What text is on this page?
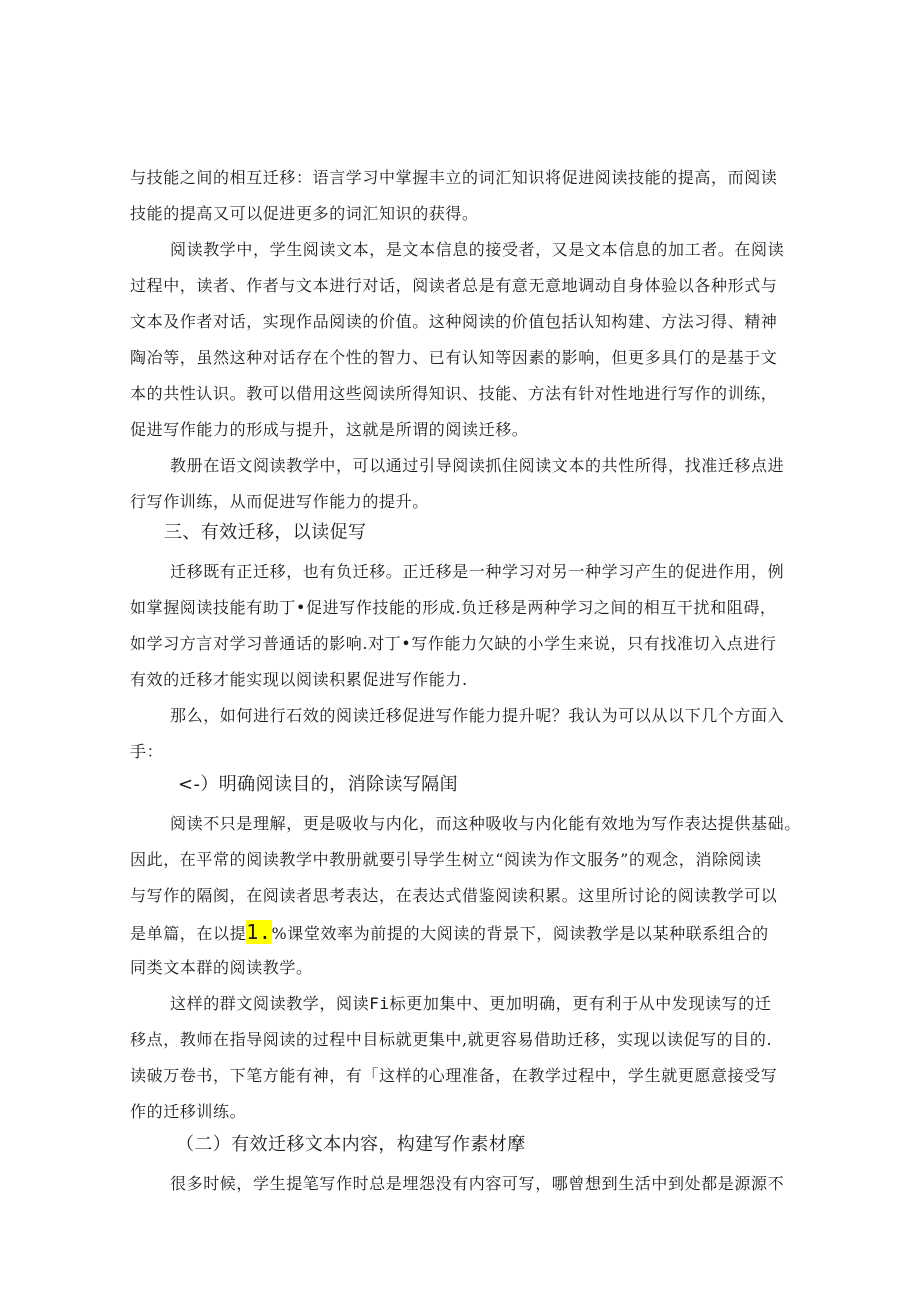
与技能之间的相互迁移：语言学习中掌握丰立的词汇知识将促进阅读技能的提高，而阅读
技能的提高又可以促进更多的词汇知识的获得。
阅读教学中，学生阅读文本，是文本信息的接受者，又是文本信息的加工者。在阅读
过程中，读者、作者与文本进行对话，阅读者总是有意无意地调动自身体验以各种形式与
文本及作者对话，实现作品阅读的价值。这种阅读的价值包括认知构建、方法习得、精神
陶冶等，虽然这种对话存在个性的智力、已有认知等因素的影响，但更多具仃的是基于文
本的共性认识。教可以借用这些阅读所得知识、技能、方法有针对性地进行写作的训练，
促进写作能力的形成与提升，这就是所谓的阅读迁移。
教册在语文阅读教学中，可以通过引导阅读抓住阅读文本的共性所得，找准迁移点进
行写作训练，从而促进写作能力的提升。
三、有效迁移，以读促写
迁移既有正迁移，也有负迁移。正迁移是一种学习对另一种学习产生的促进作用，例
如掌握阅读技能有助丁•促进写作技能的形成.负迁移是两种学习之间的相互干扰和阻碍，
如学习方言对学习普通话的影响.对丁•写作能力欠缺的小学生来说，只有找准切入点进行
有效的迁移才能实现以阅读积累促进写作能力.
那么，如何进行石效的阅读迁移促进写作能力提升呢？我认为可以从以下几个方面入
手：
<-）明确阅读目的，消除读写隔闺
阅读不只是理解，更是吸收与内化，而这种吸收与内化能有效地为写作表达提供基础。
因此，在平常的阅读教学中教册就要引导学生树立“阅读为作文服务”的观念，消除阅读
与写作的隔阂，在阅读者思考表达，在表达式借鉴阅读积累。这里所讨论的阅读教学可以
是单篇，在以提1.%课堂效率为前提的大阅读的背景下，阅读教学是以某种联系组合的
同类文本群的阅读教学。
这样的群文阅读教学，阅读Fi标更加集中、更加明确，更有利于从中发现读写的迁
移点，教师在指导阅读的过程中目标就更集中,就更容易借助迁移，实现以读促写的目的.
读破万卷书，下笔方能有神，有「这样的心理准备，在教学过程中，学生就更愿意接受写
作的迁移训练。
（二）有效迁移文本内容，构建写作素材摩
很多时候，学生提笔写作时总是埋怨没有内容可写，哪曾想到生活中到处都是源源不
